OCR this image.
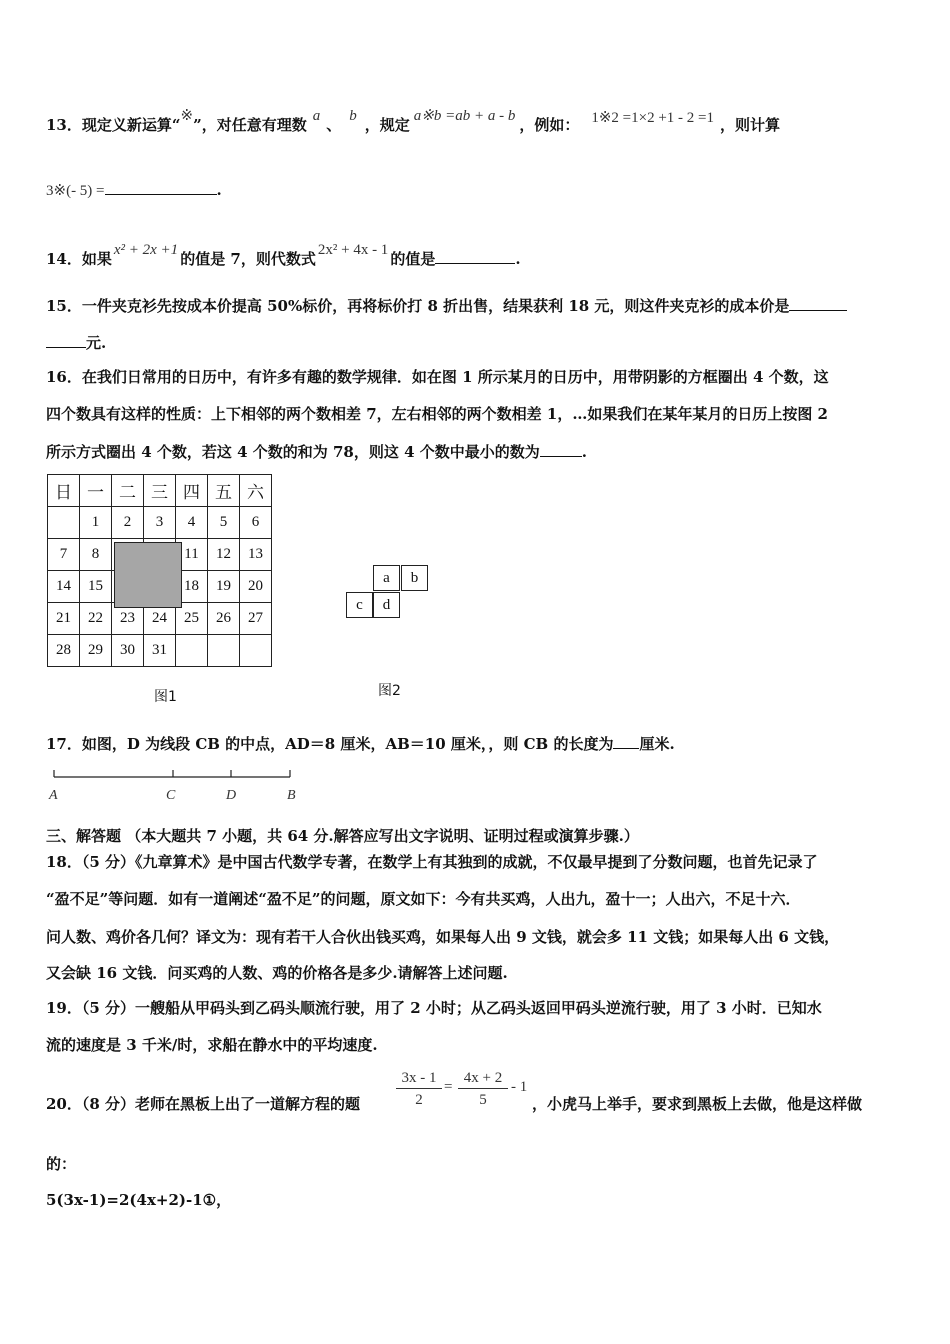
13．现定义新运算“※”，对任意有理数 a 、 b ，规定 a※b =ab + a - b ，例如： 1※2 =1×2 +1 - 2 =1 ，则计算
3※(- 5) =	.
14．如果 x² + 2x +1 的值是 7，则代数式 2x² + 4x - 1 的值是	.
15．一件夹克衫先按成本价提高 50%标价，再将标价打 8 折出售，结果获利 18 元，则这件夹克衫的成本价是
元.
16．在我们日常用的日历中，有许多有趣的数学规律．如在图 1 所示某月的日历中，用带阴影的方框圈出 4 个数，这
四个数具有这样的性质：上下相邻的两个数相差 7，左右相邻的两个数相差 1，…如果我们在某年某月的日历上按图 2
所示方式圈出 4 个数，若这 4 个数的和为 78，则这 4 个数中最小的数为	.
日	一	二	三	四	五	六
	1	2	3	4	5	6
7	8			11	12	13
14	15			18	19	20
21	22	23	24	25	26	27
28	29	30	31			
图1
a	b
c	d
图2
17．如图，D 为线段 CB 的中点，AD＝8 厘米，AB＝10 厘米，，则 CB 的长度为 厘米.
A	C	D	B
三、解答题 （本大题共 7 小题，共 64 分.解答应写出文字说明、证明过程或演算步骤.）
18．（5 分）《九章算术》是中国古代数学专著，在数学上有其独到的成就，不仅最早提到了分数问题，也首先记录了
“盈不足”等问题．如有一道阐述“盈不足”的问题，原文如下：今有共买鸡，人出九，盈十一；人出六，不足十六．
问人数、鸡价各几何？译文为：现有若干人合伙出钱买鸡，如果每人出 9 文钱，就会多 11 文钱；如果每人出 6 文钱，
又会缺 16 文钱．问买鸡的人数、鸡的价格各是多少.请解答上述问题.
19．（5 分）一艘船从甲码头到乙码头顺流行驶，用了 2 小时；从乙码头返回甲码头逆流行驶，用了 3 小时．已知水
流的速度是 3 千米/时，求船在静水中的平均速度.
20．（8 分）老师在黑板上出了一道解方程的题
3x - 1
2
=
4x + 2
5
- 1
，小虎马上举手，要求到黑板上去做，他是这样做
的：
5(3x-1)=2(4x+2)-1①，
